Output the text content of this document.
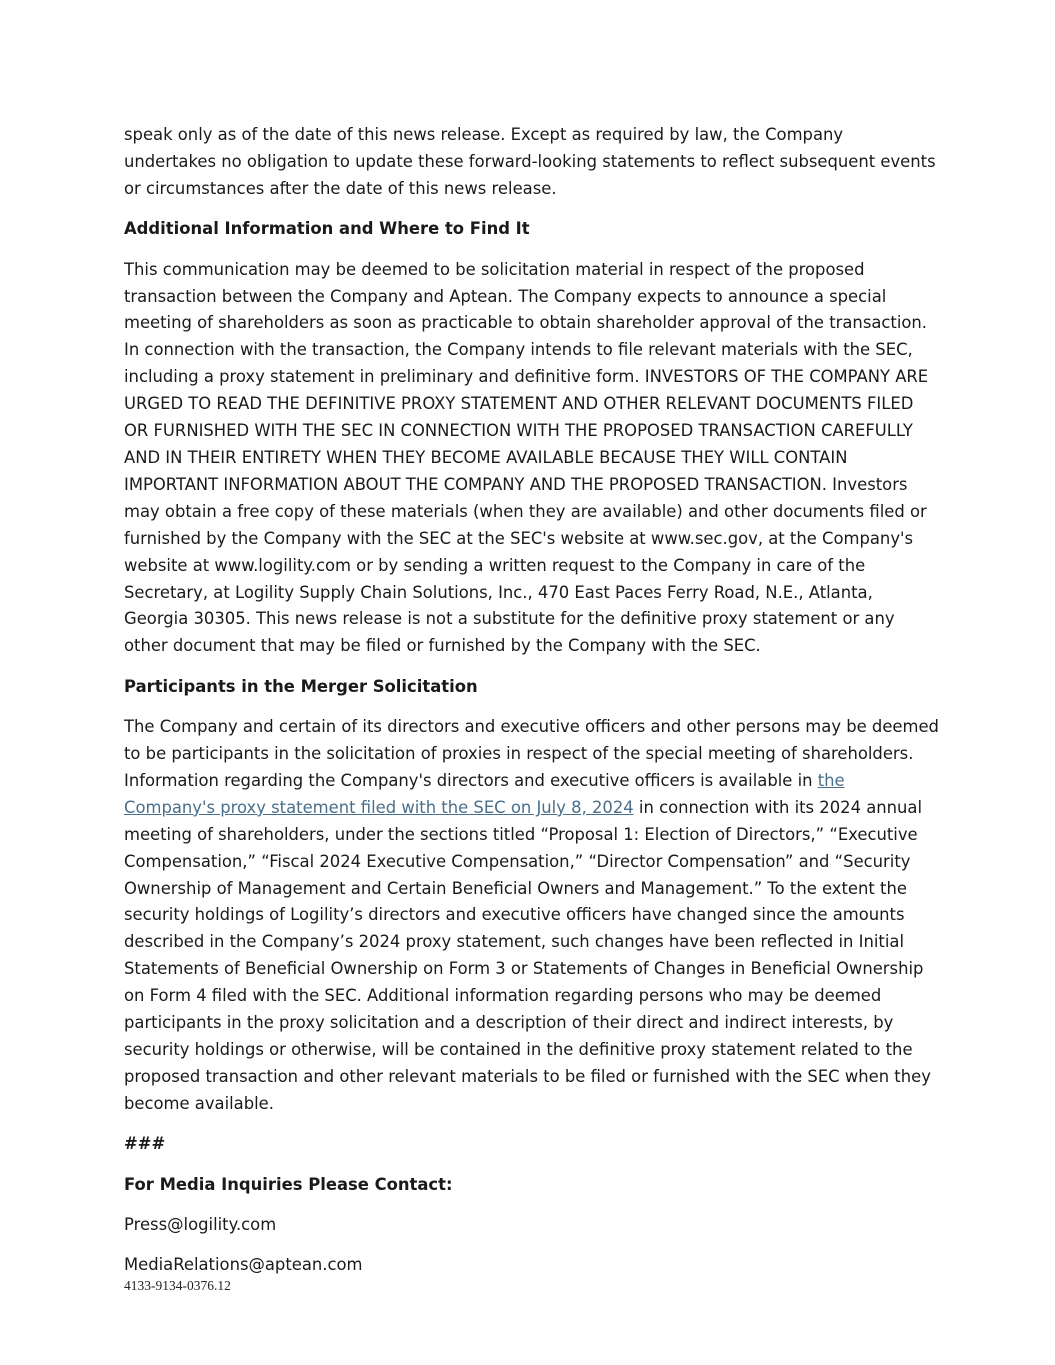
speak only as of the date of this news release. Except as required by law, the Company undertakes no obligation to update these forward-looking statements to reflect subsequent events or circumstances after the date of this news release.

Additional Information and Where to Find It

This communication may be deemed to be solicitation material in respect of the proposed transaction between the Company and Aptean. The Company expects to announce a special meeting of shareholders as soon as practicable to obtain shareholder approval of the transaction. In connection with the transaction, the Company intends to file relevant materials with the SEC, including a proxy statement in preliminary and definitive form. INVESTORS OF THE COMPANY ARE URGED TO READ THE DEFINITIVE PROXY STATEMENT AND OTHER RELEVANT DOCUMENTS FILED OR FURNISHED WITH THE SEC IN CONNECTION WITH THE PROPOSED TRANSACTION CAREFULLY AND IN THEIR ENTIRETY WHEN THEY BECOME AVAILABLE BECAUSE THEY WILL CONTAIN IMPORTANT INFORMATION ABOUT THE COMPANY AND THE PROPOSED TRANSACTION. Investors may obtain a free copy of these materials (when they are available) and other documents filed or furnished by the Company with the SEC at the SEC's website at www.sec.gov, at the Company's website at www.logility.com or by sending a written request to the Company in care of the Secretary, at Logility Supply Chain Solutions, Inc., 470 East Paces Ferry Road, N.E., Atlanta, Georgia 30305. This news release is not a substitute for the definitive proxy statement or any other document that may be filed or furnished by the Company with the SEC.

Participants in the Merger Solicitation

The Company and certain of its directors and executive officers and other persons may be deemed to be participants in the solicitation of proxies in respect of the special meeting of shareholders. Information regarding the Company's directors and executive officers is available in the Company's proxy statement filed with the SEC on July 8, 2024 in connection with its 2024 annual meeting of shareholders, under the sections titled “Proposal 1: Election of Directors,” “Executive Compensation,” “Fiscal 2024 Executive Compensation,” “Director Compensation” and “Security Ownership of Management and Certain Beneficial Owners and Management.” To the extent the security holdings of Logility’s directors and executive officers have changed since the amounts described in the Company’s 2024 proxy statement, such changes have been reflected in Initial Statements of Beneficial Ownership on Form 3 or Statements of Changes in Beneficial Ownership on Form 4 filed with the SEC. Additional information regarding persons who may be deemed participants in the proxy solicitation and a description of their direct and indirect interests, by security holdings or otherwise, will be contained in the definitive proxy statement related to the proposed transaction and other relevant materials to be filed or furnished with the SEC when they become available.

###

For Media Inquiries Please Contact:

Press@logility.com

MediaRelations@aptean.com

4133-9134-0376.12
